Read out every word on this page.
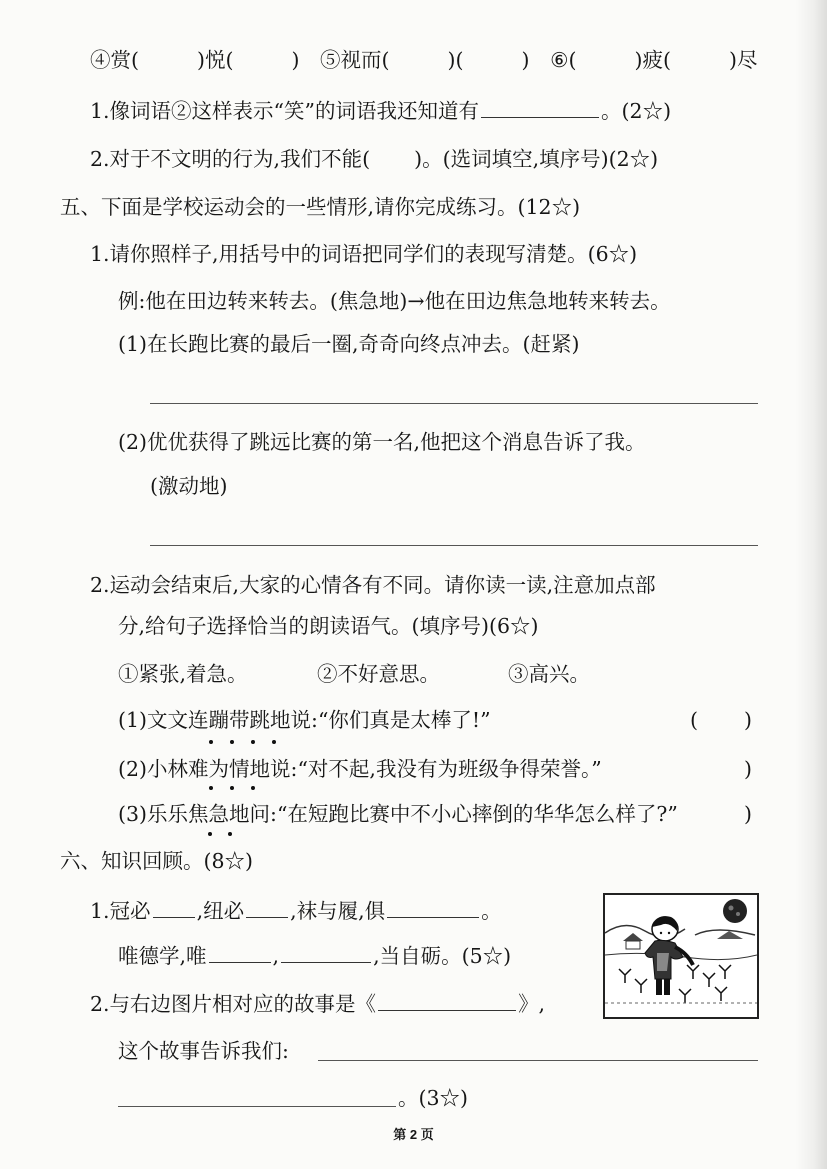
④赏(	)悦(	) ⑤视而(	)(	) ⑥(	)疲(	)尽
1.像词语②这样表示“笑”的词语我还知道有	。(2☆)
2.对于不文明的行为,我们不能( )。(选词填空,填序号)(2☆)
五、下面是学校运动会的一些情形,请你完成练习。(12☆)
1.请你照样子,用括号中的词语把同学们的表现写清楚。(6☆)
例:他在田边转来转去。(焦急地)→他在田边焦急地转来转去。
(1)在长跑比赛的最后一圈,奇奇向终点冲去。(赶紧)
(2)优优获得了跳远比赛的第一名,他把这个消息告诉了我。
(激动地)
2.运动会结束后,大家的心情各有不同。请你读一读,注意加点部
分,给句子选择恰当的朗读语气。(填序号)(6☆)
①紧张,着急。	②不好意思。	③高兴。
(1)文文连蹦带跳地说:“你们真是太棒了!”	( )
(2)小林难为情地说:“对不起,我没有为班级争得荣誉。”	)
(3)乐乐焦急地问:“在短跑比赛中不小心摔倒的华华怎么样了?”	)
六、知识回顾。(8☆)
1.冠必 ,纽必 ,袜与履,俱	。
唯德学,唯	,	,当自砺。(5☆)
2.与右边图片相对应的故事是《	》,
这个故事告诉我们:
。(3☆)
第 2 页
